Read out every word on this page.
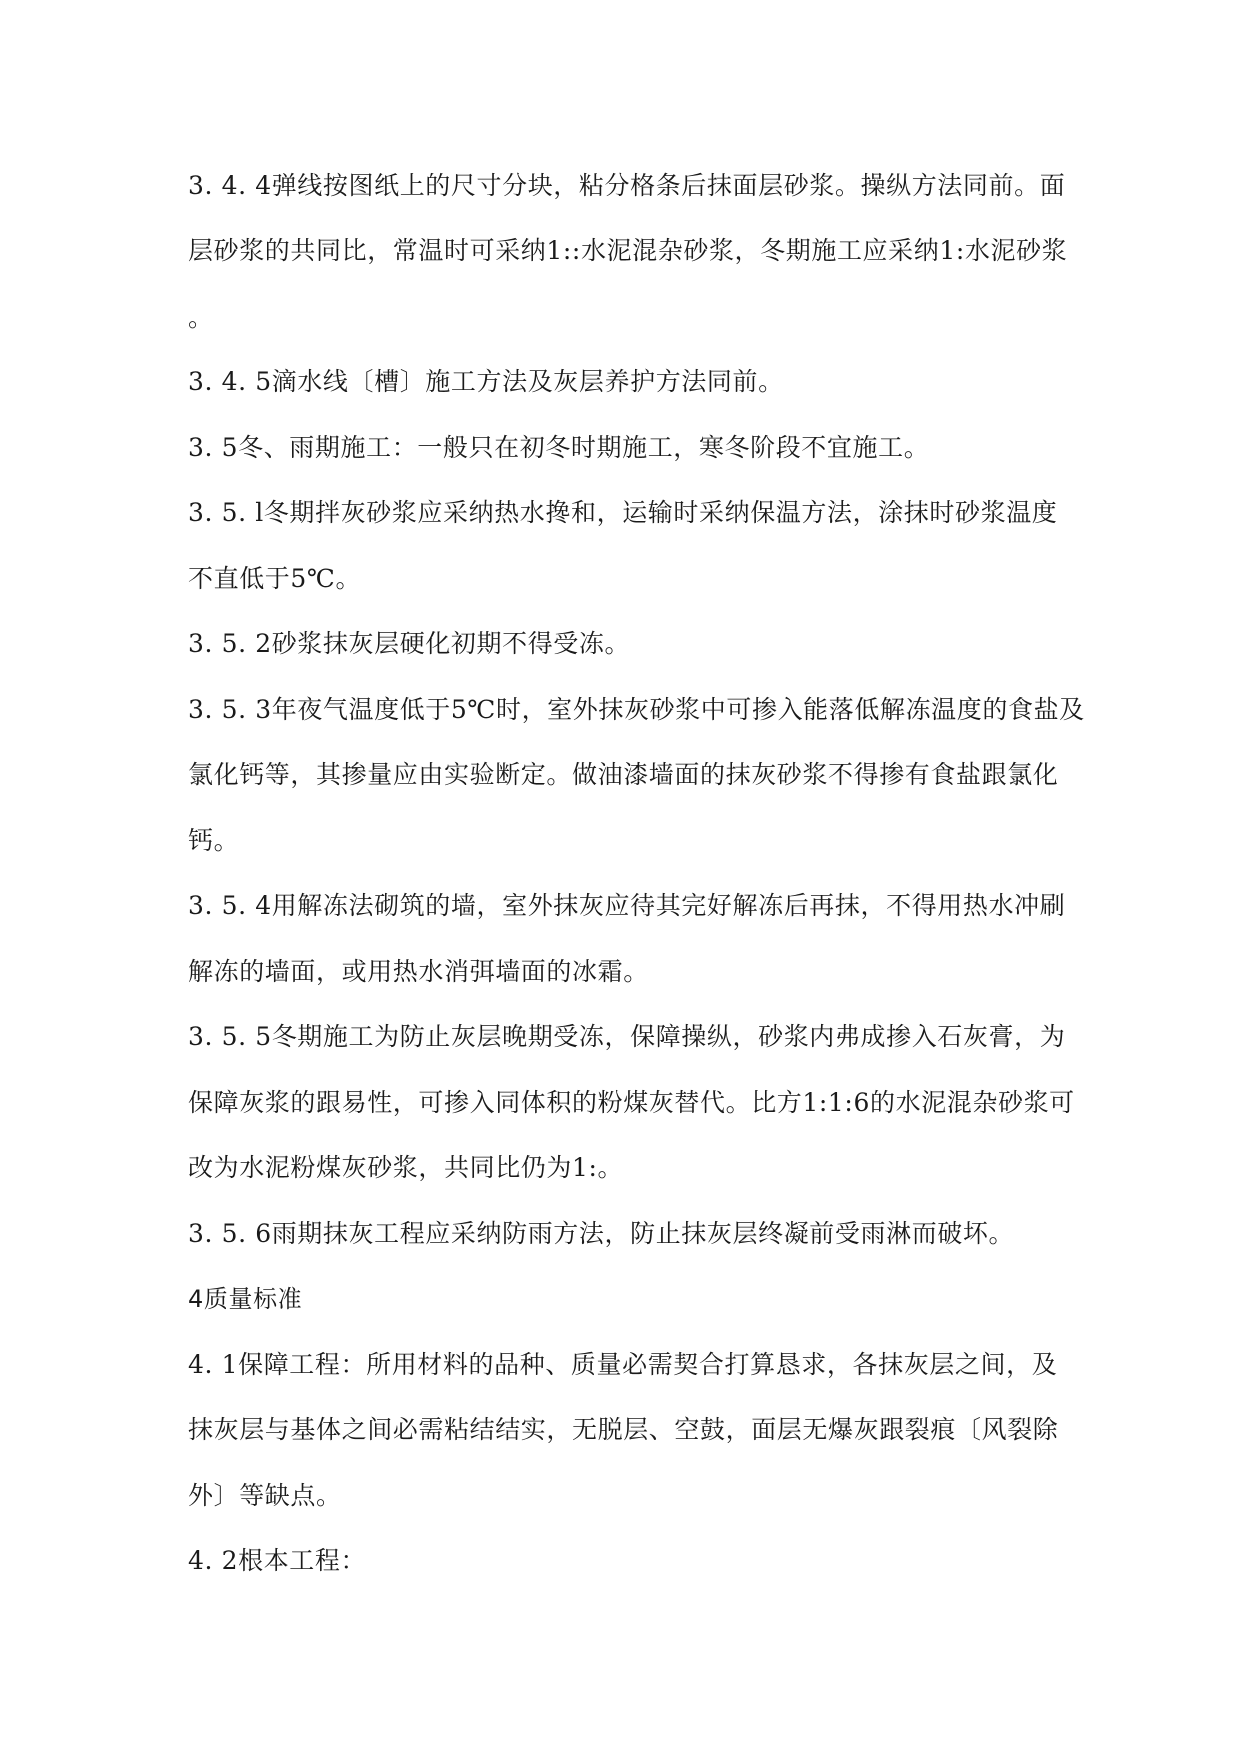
3. 4. 4弹线按图纸上的尺寸分块，粘分格条后抹面层砂浆。操纵方法同前。面
层砂浆的共同比，常温时可采纳1::水泥混杂砂浆，冬期施工应采纳1:水泥砂浆
。
3. 4. 5滴水线〔槽〕施工方法及灰层养护方法同前。
3. 5冬、雨期施工：一般只在初冬时期施工，寒冬阶段不宜施工。
3. 5. l冬期拌灰砂浆应采纳热水搀和，运输时采纳保温方法，涂抹时砂浆温度
不直低于5℃。
3. 5. 2砂浆抹灰层硬化初期不得受冻。
3. 5. 3年夜气温度低于5℃时，室外抹灰砂浆中可掺入能落低解冻温度的食盐及
氯化钙等，其掺量应由实验断定。做油漆墙面的抹灰砂浆不得掺有食盐跟氯化
钙。
3. 5. 4用解冻法砌筑的墙，室外抹灰应待其完好解冻后再抹，不得用热水冲刷
解冻的墙面，或用热水消弭墙面的冰霜。
3. 5. 5冬期施工为防止灰层晚期受冻，保障操纵，砂浆内弗成掺入石灰膏，为
保障灰浆的跟易性，可掺入同体积的粉煤灰替代。比方1:1:6的水泥混杂砂浆可
改为水泥粉煤灰砂浆，共同比仍为1:。
3. 5. 6雨期抹灰工程应采纳防雨方法，防止抹灰层终凝前受雨淋而破坏。
4质量标准
4. 1保障工程：所用材料的品种、质量必需契合打算恳求，各抹灰层之间，及
抹灰层与基体之间必需粘结结实，无脱层、空鼓，面层无爆灰跟裂痕〔风裂除
外〕等缺点。
4. 2根本工程：
